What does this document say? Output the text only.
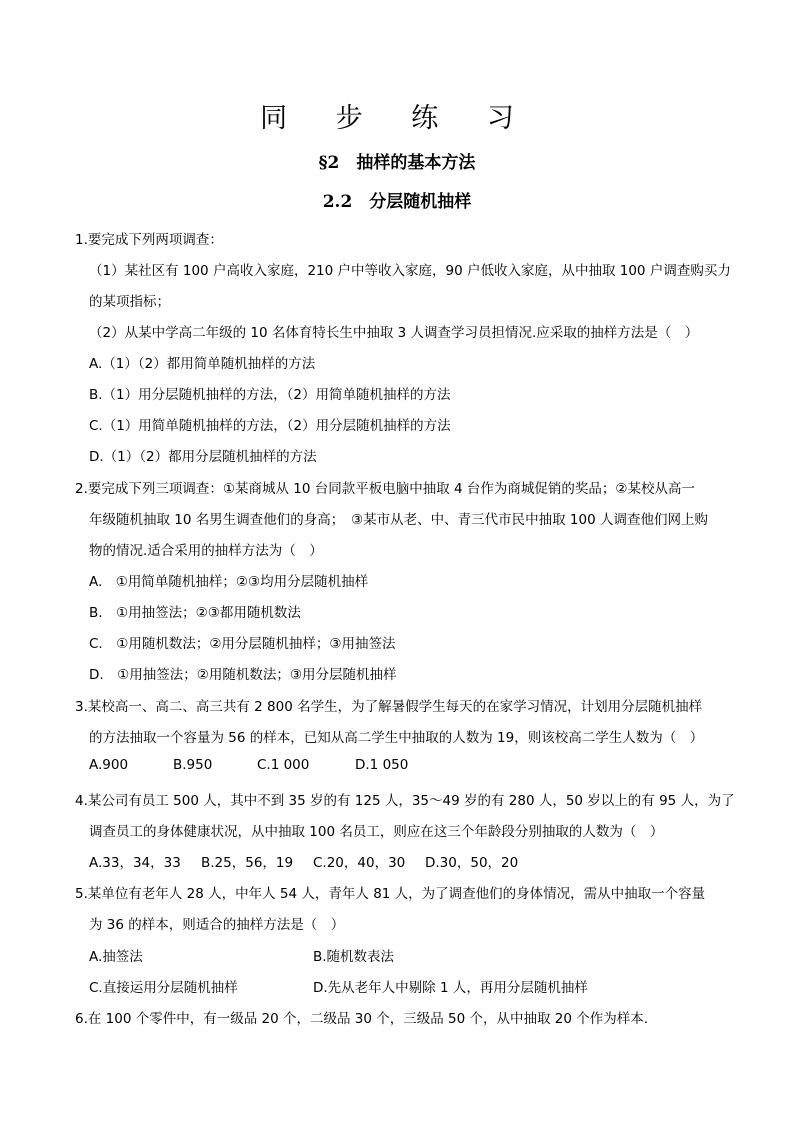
同 步 练 习
§2　抽样的基本方法
2.2　分层随机抽样
1.要完成下列两项调查：
（1）某社区有 100 户高收入家庭，210 户中等收入家庭，90 户低收入家庭，从中抽取 100 户调查购买力
的某项指标；
（2）从某中学高二年级的 10 名体育特长生中抽取 3 人调查学习员担情况.应采取的抽样方法是（　）
A.（1）（2）都用简单随机抽样的方法
B.（1）用分层随机抽样的方法，（2）用简单随机抽样的方法
C.（1）用简单随机抽样的方法，（2）用分层随机抽样的方法
D.（1）（2）都用分层随机抽样的方法
2.要完成下列三项调查：①某商城从 10 台同款平板电脑中抽取 4 台作为商城促销的奖品；②某校从高一
年级随机抽取 10 名男生调查他们的身高；　③某市从老、中、青三代市民中抽取 100 人调查他们网上购
物的情况.适合采用的抽样方法为（　）
A.　①用简单随机抽样；②③均用分层随机抽样
B.　①用抽签法；②③都用随机数法
C.　①用随机数法；②用分层随机抽样；③用抽签法
D.　①用抽签法；②用随机数法；③用分层随机抽样
3.某校高一、高二、高三共有 2 800 名学生，为了解暑假学生每天的在家学习情况，计划用分层随机抽样
的方法抽取一个容量为 56 的样本，已知从高二学生中抽取的人数为 19，则该校高二学生人数为（　）
A.900	B.950	C.1 000	D.1 050
4.某公司有员工 500 人，其中不到 35 岁的有 125 人，35～49 岁的有 280 人，50 岁以上的有 95 人，为了
调查员工的身体健康状况，从中抽取 100 名员工，则应在这三个年龄段分别抽取的人数为（　）
A.33，34，33 B.25，56，19 C.20，40，30 D.30，50，20
5.某单位有老年人 28 人，中年人 54 人，青年人 81 人，为了调查他们的身体情况，需从中抽取一个容量
为 36 的样本，则适合的抽样方法是（　）
A.抽签法	B.随机数表法
C.直接运用分层随机抽样	D.先从老年人中剔除 1 人，再用分层随机抽样
6.在 100 个零件中，有一级品 20 个，二级品 30 个，三级品 50 个，从中抽取 20 个作为样本.
